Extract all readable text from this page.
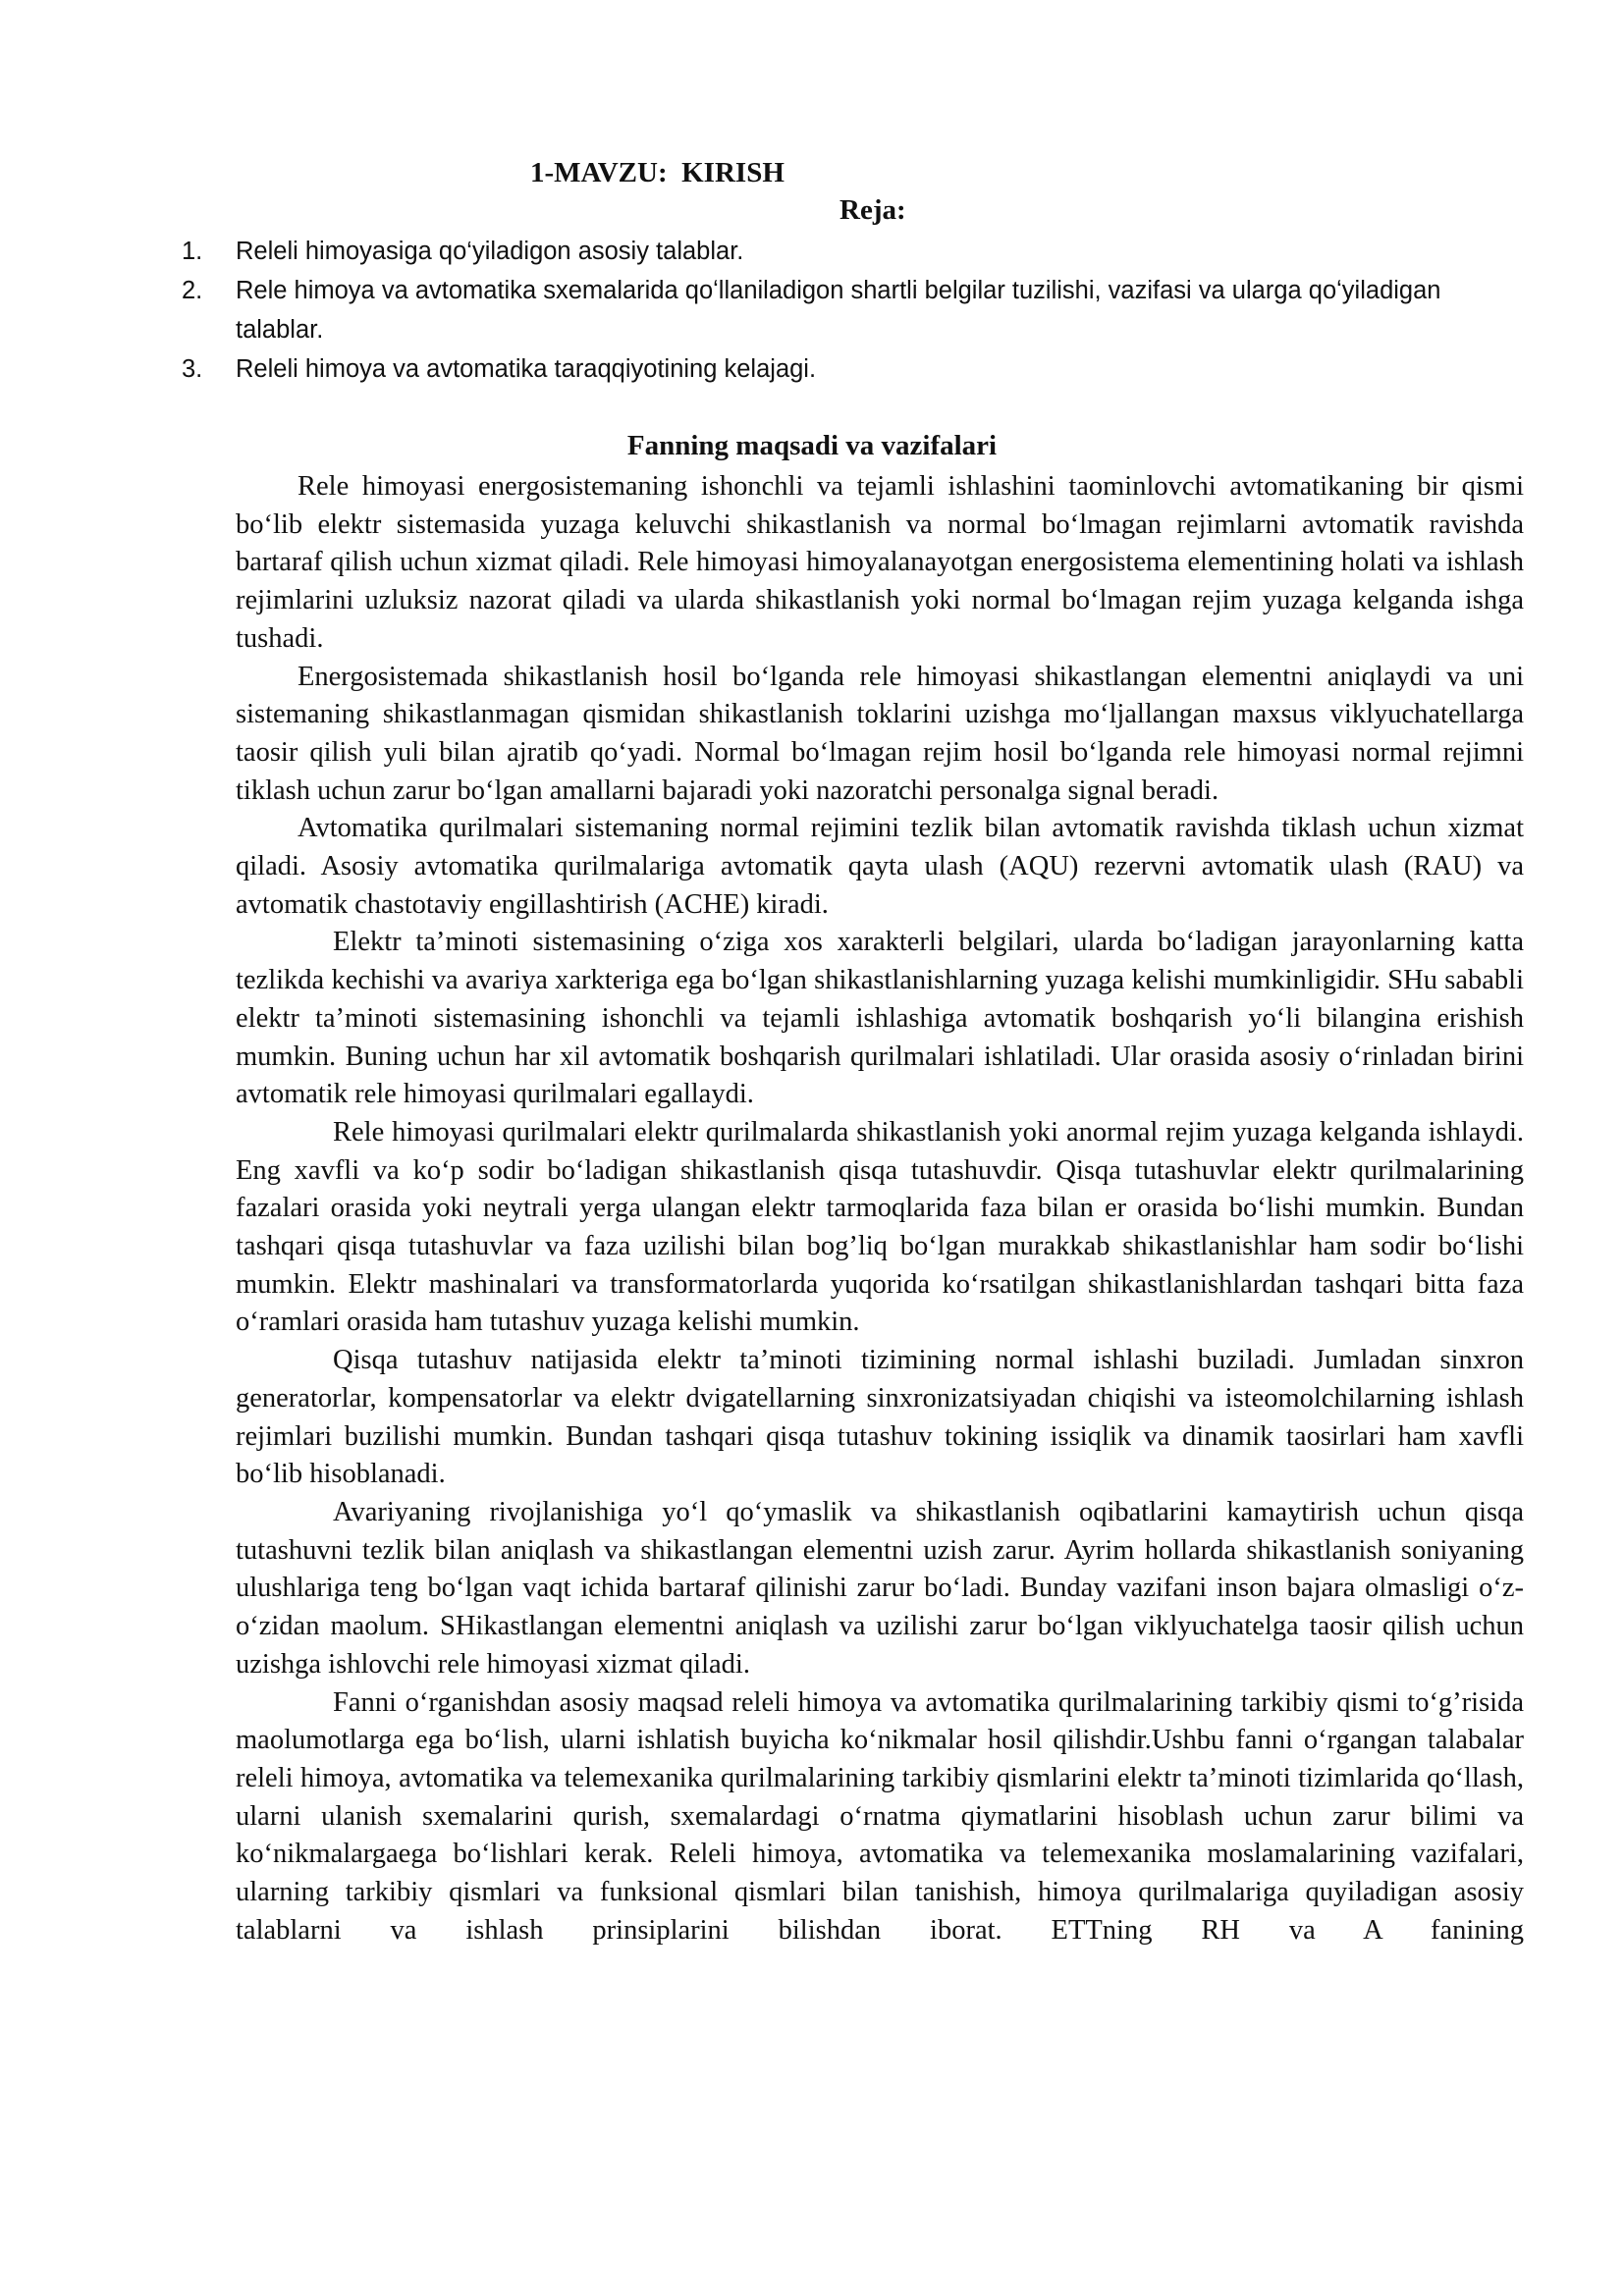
1-MAVZU:  KIRISH
Reja:
1. Releli himoyasiga qo‘yiladigon asosiy talablar.
2. Rele himoya va avtomatika sxemalarida qoʻllaniladigon shartli belgilar tuzilishi, vazifasi va ularga qoʻyiladigan talablar.
3. Releli himoya va avtomatika taraqqiyotining kelajagi.
Fanning maqsadi va vazifalari

Rele himoyasi energosistemaning ishonchli va tejamli ishlashini taominlovchi avtomatikaning bir qismi bo‘lib elektr sistemasida yuzaga keluvchi shikastlanish va normal bo‘lmagan rejimlarni avtomatik ravishda bartaraf qilish uchun xizmat qiladi. Rele himoyasi himoyalanayotgan energosistema elementining holati va ishlash rejimlarini uzluksiz nazorat qiladi va ularda shikastlanish yoki normal bo‘lmagan rejim yuzaga kelganda ishga tushadi.

Energosistemada shikastlanish hosil bo‘lganda rele himoyasi shikastlangan elementni aniqlaydi va uni sistemaning shikastlanmagan qismidan shikastlanish toklarini uzishga mo‘ljallangan maxsus viklyuchatellarga taosir qilish yuli bilan ajratib qo‘yadi. Normal bo‘lmagan rejim hosil bo‘lganda rele himoyasi normal rejimni tiklash uchun zarur bo‘lgan amallarni bajaradi yoki nazoratchi personalga signal beradi.

Avtomatika qurilmalari sistemaning normal rejimini tezlik bilan avtomatik ravishda tiklash uchun xizmat qiladi. Asosiy avtomatika qurilmalariga avtomatik qayta ulash (AQU) rezervni avtomatik ulash (RAU) va avtomatik chastotaviy engillashtirish (ACHE) kiradi.

Elektr ta’minoti sistemasining o‘ziga xos xarakterli belgilari, ularda bo‘ladigan jarayonlarning katta tezlikda kechishi va avariya xarkteriga ega bo‘lgan shikastlanishlarning yuzaga kelishi mumkinligidir. SHu sababli elektr ta’minoti sistemasining ishonchli va tejamli ishlashiga avtomatik boshqarish yo‘li bilangina erishish mumkin. Buning uchun har xil avtomatik boshqarish qurilmalari ishlatiladi. Ular orasida asosiy o‘rinladan birini avtomatik rele himoyasi qurilmalari egallaydi.

Rele himoyasi qurilmalari elektr qurilmalarda shikastlanish yoki anormal rejim yuzaga kelganda ishlaydi. Eng xavfli va ko‘p sodir bo‘ladigan shikastlanish qisqa tutashuvdir. Qisqa tutashuvlar elektr qurilmalarining fazalari orasida yoki neytrali yerga ulangan elektr tarmoqlarida faza bilan er orasida bo‘lishi mumkin. Bundan tashqari qisqa tutashuvlar va faza uzilishi bilan bog’liq bo‘lgan murakkab shikastlanishlar ham sodir bo‘lishi mumkin. Elektr mashinalari va transformatorlarda yuqorida ko‘rsatilgan shikastlanishlardan tashqari bitta faza o‘ramlari orasida ham tutashuv yuzaga kelishi mumkin.

Qisqa tutashuv natijasida elektr ta’minoti tizimining normal ishlashi buziladi. Jumladan sinxron generatorlar, kompensatorlar va elektr dvigatellarning sinxronizatsiyadan chiqishi va isteomolchilarning ishlash rejimlari buzilishi mumkin. Bundan tashqari qisqa tutashuv tokining issiqlik va dinamik taosirlari ham xavfli bo‘lib hisoblanadi.

Avariyaning rivojlanishiga yo‘l qo‘ymaslik va shikastlanish oqibatlarini kamaytirish uchun qisqa tutashuvni tezlik bilan aniqlash va shikastlangan elementni uzish zarur. Ayrim hollarda shikastlanish soniyaning ulushlariga teng bo‘lgan vaqt ichida bartaraf qilinishi zarur bo‘ladi. Bunday vazifani inson bajara olmasligi o‘z-o‘zidan maolum. SHikastlangan elementni aniqlash va uzilishi zarur bo‘lgan viklyuchatelga taosir qilish uchun uzishga ishlovchi rele himoyasi xizmat qiladi.

Fanni o‘rganishdan asosiy maqsad releli himoya va avtomatika qurilmalarining tarkibiy qismi to‘g’risida maolumotlarga ega bo‘lish, ularni ishlatish buyicha ko‘nikmalar hosil qilishdir.Ushbu fanni o‘rgangan talabalar releli himoya, avtomatika va telemexanika qurilmalarining tarkibiy qismlarini elektr ta’minoti tizimlarida qo‘llash, ularni ulanish sxemalarini qurish, sxemalardagi o‘rnatma qiymatlarini hisoblash uchun zarur bilimi va ko‘nikmalargaega bo‘lishlari kerak. Releli himoya, avtomatika va telemexanika moslamalarining vazifalari, ularning tarkibiy qismlari va funksional qismlari bilan tanishish, himoya qurilmalariga quyiladigan asosiy talablarni va ishlash prinsiplarini bilishdan iborat. ETTning RH va A fanining
